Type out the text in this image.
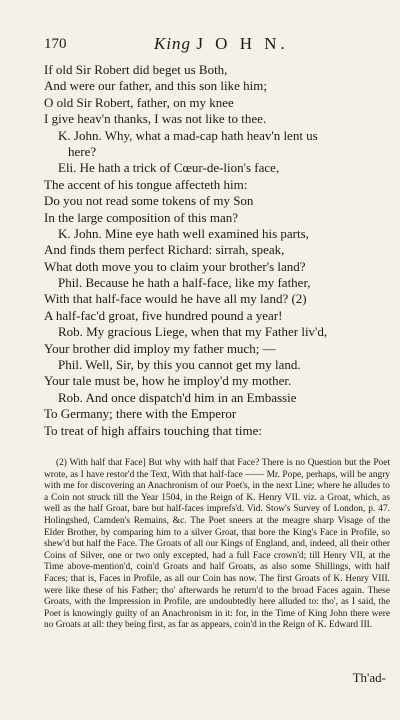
170	King J O H N.
If old Sir Robert did beget us Both,
And were our father, and this son like him;
O old Sir Robert, father, on my knee
I give heav'n thanks, I was not like to thee.
K. John. Why, what a mad-cap hath heav'n lent us
here?
Eli. He hath a trick of Cœur-de-lion's face,
The accent of his tongue affecteth him:
Do you not read some tokens of my Son
In the large composition of this man?
K. John. Mine eye hath well examined his parts,
And finds them perfect Richard: sirrah, speak,
What doth move you to claim your brother's land?
Phil. Because he hath a half-face, like my father,
With that half-face would he have all my land? (2)
A half-fac'd groat, five hundred pound a year!
Rob. My gracious Liege, when that my Father liv'd,
Your brother did imploy my father much; —
Phil. Well, Sir, by this you cannot get my land.
Your tale must be, how he imploy'd my mother.
Rob. And once dispatch'd him in an Embassie
To Germany; there with the Emperor
To treat of high affairs touching that time:

(2) With half that Face] But why with half that Face? There is no Question but the Poet wrote, as I have restor'd the Text, With that half-face —— Mr. Pope, perhaps, will be angry with me for discovering an Anachronism of our Poet's, in the next Line; where he alludes to a Coin not struck till the Year 1504, in the Reign of K. Henry VII. viz. a Groat, which, as well as the half Groat, bare but half-faces imprefs'd. Vid. Stow's Survey of London, p. 47. Holingshed, Camden's Remains, &c. The Poet sneers at the meagre sharp Visage of the Elder Brother, by comparing him to a silver Groat, that bore the King's Face in Profile, so shew'd but half the Face. The Groats of all our Kings of England, and, indeed, all their other Coins of Silver, one or two only excepted, had a full Face crown'd; till Henry VII, at the Time above-mention'd, coin'd Groats and half Groats, as also some Shillings, with half Faces; that is, Faces in Profile, as all our Coin has now. The first Groats of K. Henry VIII. were like these of his Father; tho' afterwards he return'd to the broad Faces again. These Groats, with the Impression in Profile, are undoubtedly here alluded to: tho', as I said, the Poet is knowingly guilty of an Anachronism in it: for, in the Time of King John there were no Groats at all: they being first, as far as appears, coin'd in the Reign of K. Edward III.

Th'ad-
